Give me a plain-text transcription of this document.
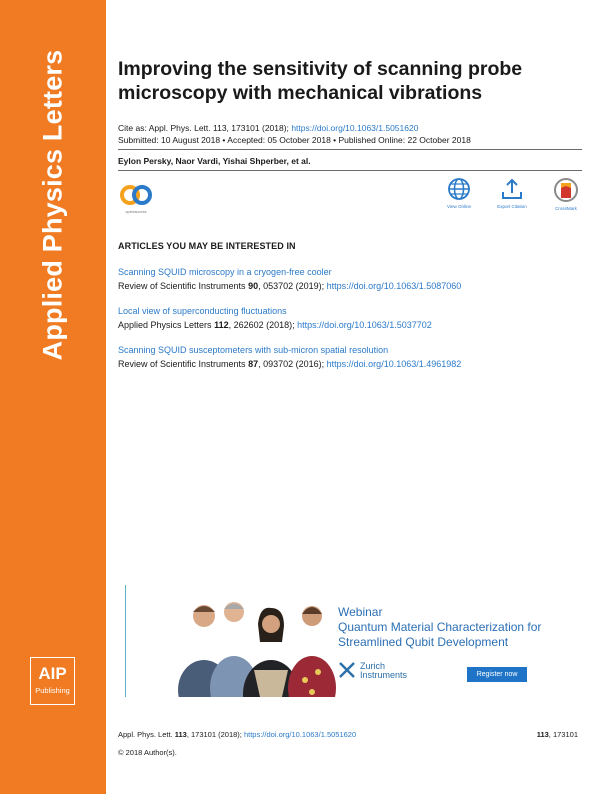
Applied Physics Letters
AIP
Publishing
Improving the sensitivity of scanning probe microscopy with mechanical vibrations
Cite as: Appl. Phys. Lett. 113, 173101 (2018); https://doi.org/10.1063/1.5051620
Submitted: 10 August 2018 • Accepted: 05 October 2018 • Published Online: 22 October 2018
Eylon Persky, Naor Vardi, Yishai Shperber, et al.
openaccess
View Online	Export Citation	CrossMark
ARTICLES YOU MAY BE INTERESTED IN
Scanning SQUID microscopy in a cryogen-free cooler
Review of Scientific Instruments 90, 053702 (2019); https://doi.org/10.1063/1.5087060
Local view of superconducting fluctuations
Applied Physics Letters 112, 262602 (2018); https://doi.org/10.1063/1.5037702
Scanning SQUID susceptometers with sub-micron spatial resolution
Review of Scientific Instruments 87, 093702 (2016); https://doi.org/10.1063/1.4961982
Webinar
Quantum Material Characterization for Streamlined Qubit Development
Zurich
Instruments	Register now
Appl. Phys. Lett. 113, 173101 (2018); https://doi.org/10.1063/1.5051620	113, 173101
© 2018 Author(s).
